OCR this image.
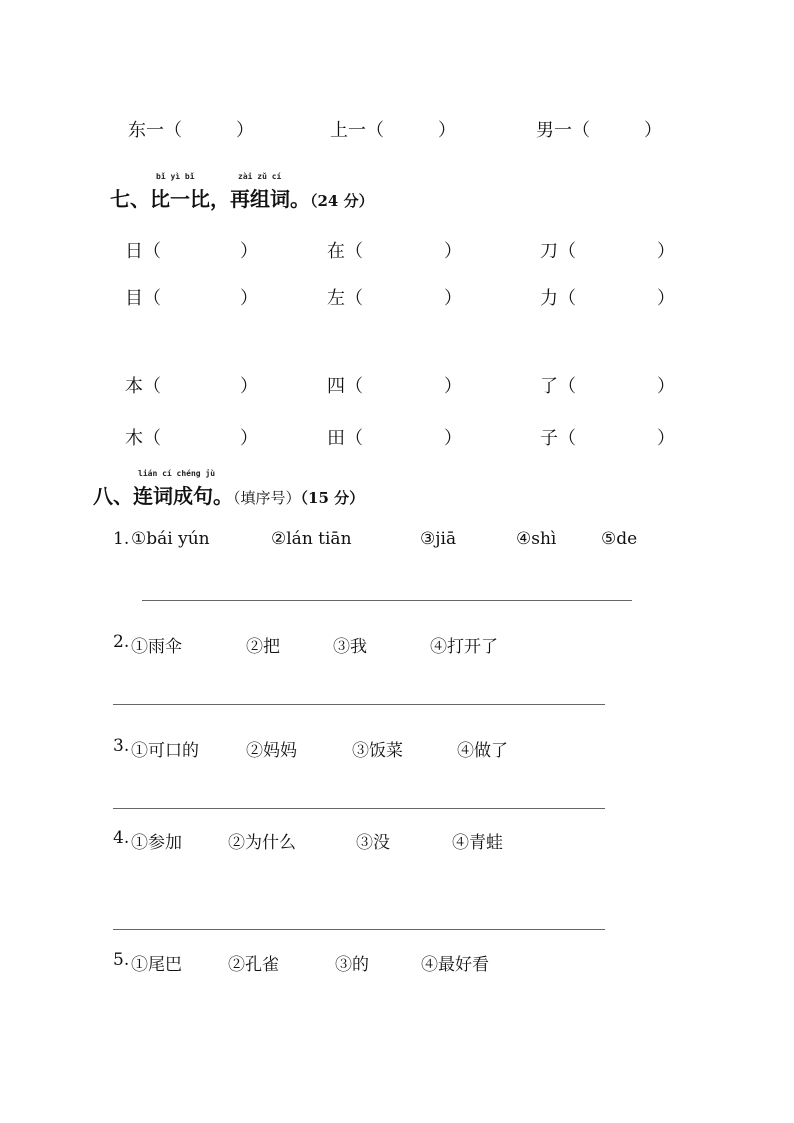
东一（　　　）	上一（　　　）	男一（　　　）
bǐ yì bǐ	zài zǔ cí
七、比一比，再组词。（24 分）
日（	）	在（	）	刀（	）
目（	）	左（	）	力（	）
本（	）	四（	）	了（	）
木（	）	田（	）	子（	）
lián cí chéng jù
八、连词成句。（填序号）（15 分）
1. ①bái yún	②lán tiān	③jiā	④shì	⑤de
2. ①雨伞	②把	③我	④打开了
3. ①可口的	②妈妈	③饭菜	④做了
4. ①参加	②为什么	③没	④青蛙
5. ①尾巴	②孔雀	③的	④最好看
